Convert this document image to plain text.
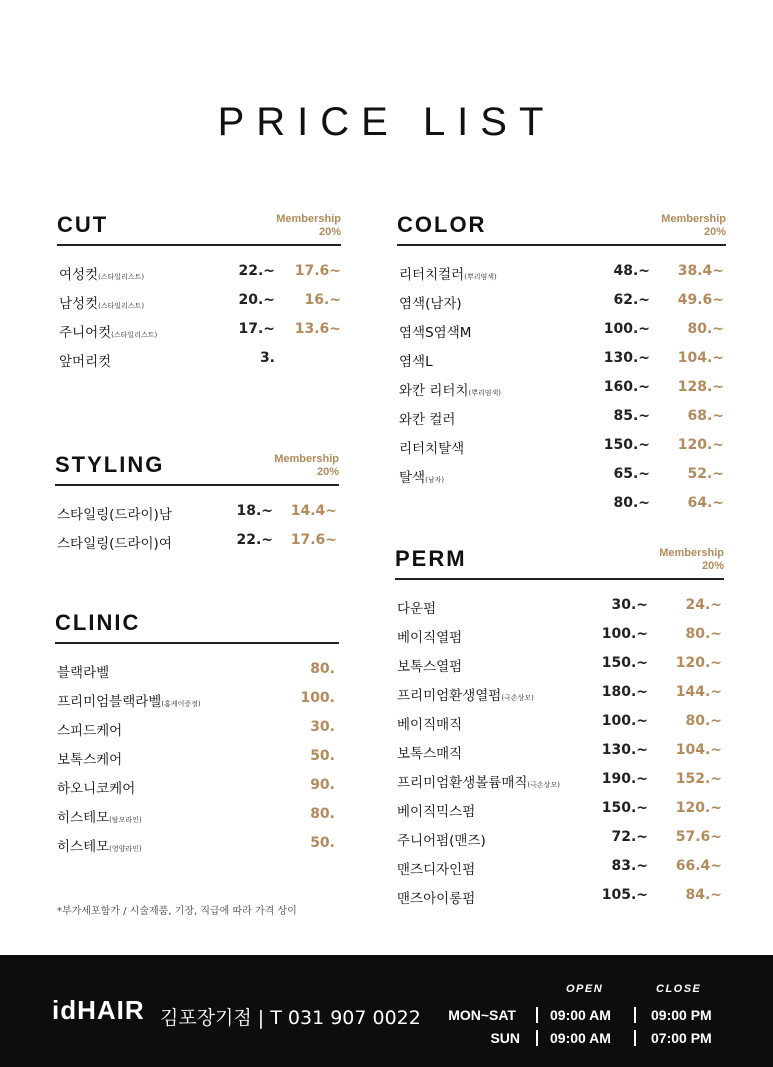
PRICE LIST
CUT	Membership
20%
여성컷(스타일리스트)	22.~ 17.6~
남성컷(스타일리스트)	20.~ 16.~
주니어컷(스타일리스트)	17.~ 13.6~
앞머리컷	3.
STYLING	Membership
20%
스타일링(드라이)남	18.~ 14.4~
스타일링(드라이)여	22.~ 17.6~
CLINIC
블랙라벨	80.
프리미엄블랙라벨(홈케어증정)	100.
스피드케어	30.
보톡스케어	50.
하오니코케어	90.
히스테모(탈모라인)	80.
히스테모(영양라인)	50.
COLOR	Membership
20%
리터치컬러(뿌리염색)	48.~ 38.4~
염색(남자)	62.~ 49.6~
염색S염색M	100.~	80.~
염색L	130.~ 104.~
와칸 리터치(뿌리염색)	160.~ 128.~
와칸 컬러	85.~	68.~
리터치탈색	150.~ 120.~
탈색(남자)	65.~	52.~
80.~	64.~
PERM	Membership
20%
다운펌	30.~	24.~
베이직열펌	100.~	80.~
보톡스열펌	150.~ 120.~
프리미엄환생열펌(극손상모)	180.~ 144.~
베이직매직	100.~	80.~
보톡스매직	130.~ 104.~
프리미엄환생볼륨매직(극손상모)	190.~ 152.~
베이직믹스펌	150.~ 120.~
주니어펌(맨즈)	72.~ 57.6~
맨즈디자인펌	83.~ 66.4~
맨즈아이롱펌	105.~	84.~
*부가세포함가 / 시술제품, 기장, 직급에 따라 가격 상이
idHAIR 김포장기점 | T 031 907 0022
OPEN	CLOSE
MON~SAT 09:00 AM	09:00 PM
SUN 09:00 AM	07:00 PM
